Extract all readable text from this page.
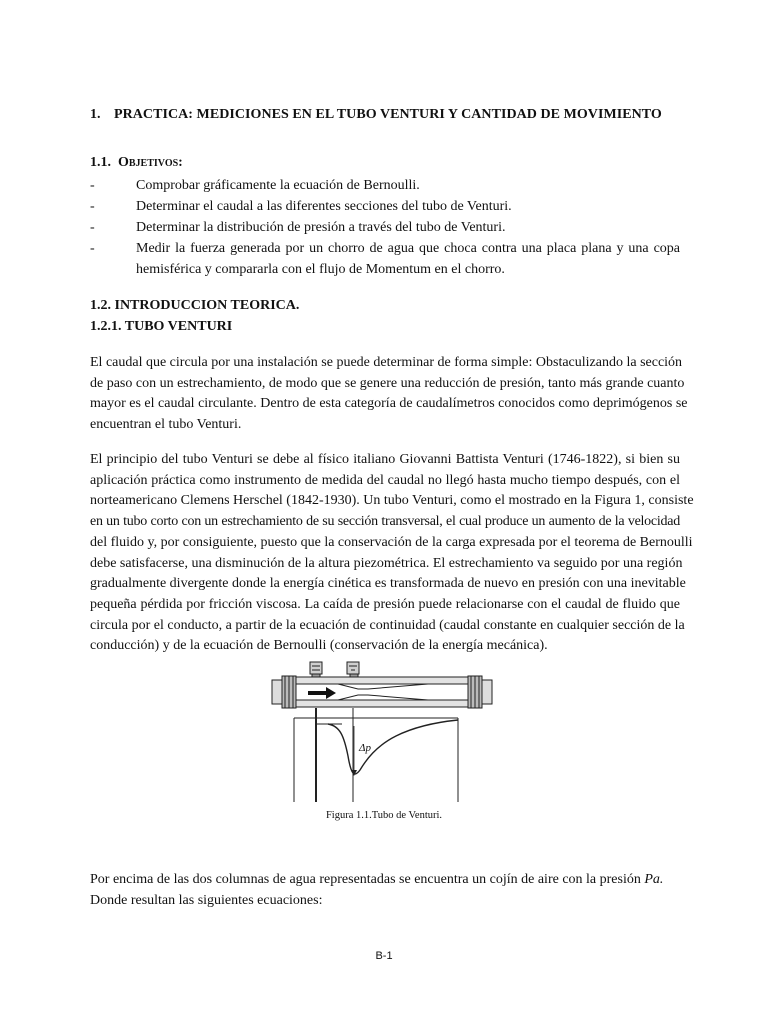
1. PRACTICA: MEDICIONES EN EL TUBO VENTURI Y CANTIDAD DE MOVIMIENTO
1.1. Objetivos:
-	Comprobar gráficamente la ecuación de Bernoulli.
-	Determinar el caudal a las diferentes secciones del tubo de Venturi.
-	Determinar la distribución de presión a través del tubo de Venturi.
-	Medir la fuerza generada por un chorro de agua que choca contra una placa plana y una copa hemisférica y compararla con el flujo de Momentum en el chorro.
1.2. INTRODUCCION TEORICA.
1.2.1. TUBO VENTURI
El caudal que circula por una instalación se puede determinar de forma simple: Obstaculizando la sección
de paso con un estrechamiento, de modo que se genere una reducción de presión, tanto más grande cuanto
mayor es el caudal circulante. Dentro de esta categoría de caudalímetros conocidos como deprimógenos se
encuentran el tubo Venturi.
El principio del tubo Venturi se debe al físico italiano Giovanni Battista Venturi (1746-1822), si bien su
aplicación práctica como instrumento de medida del caudal no llegó hasta mucho tiempo después, con el
norteamericano Clemens Herschel (1842-1930). Un tubo Venturi, como el mostrado en la Figura 1, consiste
en un tubo corto con un estrechamiento de su sección transversal, el cual produce un aumento de la velocidad
del fluido y, por consiguiente, puesto que la conservación de la carga expresada por el teorema de Bernoulli
debe satisfacerse, una disminución de la altura piezométrica. El estrechamiento va seguido por una región
gradualmente divergente donde la energía cinética es transformada de nuevo en presión con una inevitable
pequeña pérdida por fricción viscosa. La caída de presión puede relacionarse con el caudal de fluido que
circula por el conducto, a partir de la ecuación de continuidad (caudal constante en cualquier sección de la
conducción) y de la ecuación de Bernoulli (conservación de la energía mecánica).
Δp
Figura 1.1.Tubo de Venturi.
Por encima de las dos columnas de agua representadas se encuentra un cojín de aire con la presión Pa.
Donde resultan las siguientes ecuaciones:
B-1
